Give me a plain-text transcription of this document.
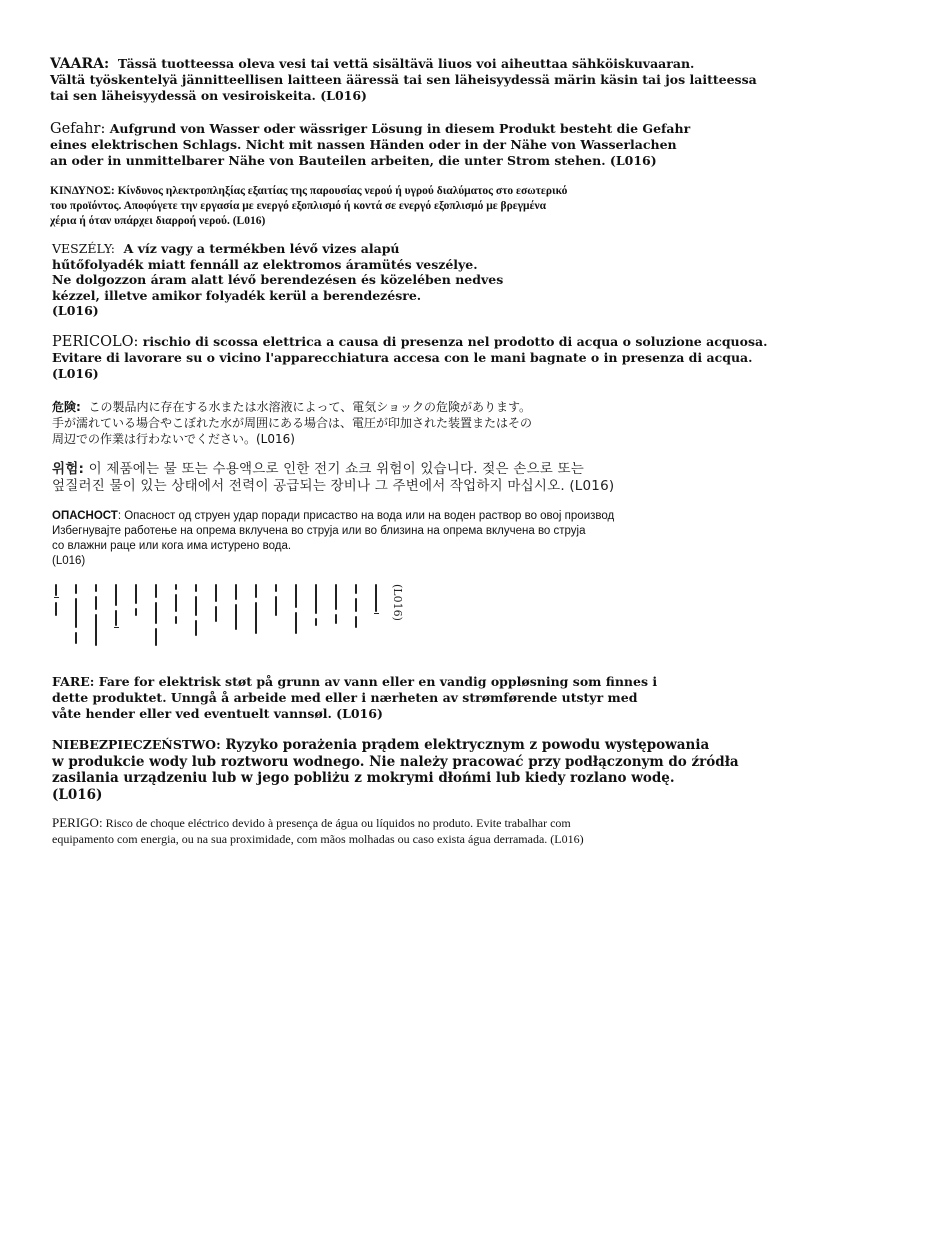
VAARA: Tässä tuotteessa oleva vesi tai vettä sisältävä liuos voi aiheuttaa sähköiskuvaaran.
Vältä työskentelyä jännitteellisen laitteen ääressä tai sen läheisyydessä märin käsin tai jos laitteessa
tai sen läheisyydessä on vesiroiskeita. (L016)
Gefahr: Aufgrund von Wasser oder wässriger Lösung in diesem Produkt besteht die Gefahr
eines elektrischen Schlags. Nicht mit nassen Händen oder in der Nähe von Wasserlachen
an oder in unmittelbarer Nähe von Bauteilen arbeiten, die unter Strom stehen. (L016)
ΚΙΝΔΥΝΟΣ: Κίνδυνος ηλεκτροπληξίας εξαιτίας της παρουσίας νερού ή υγρού διαλύματος στο εσωτερικό
του προϊόντος. Αποφύγετε την εργασία με ενεργό εξοπλισμό ή κοντά σε ενεργό εξοπλισμό με βρεγμένα
χέρια ή όταν υπάρχει διαρροή νερού. (L016)
VESZÉLY: A víz vagy a termékben lévő vizes alapú
hűtőfolyadék miatt fennáll az elektromos áramütés veszélye.
Ne dolgozzon áram alatt lévő berendezésen és közelében nedves
kézzel, illetve amikor folyadék kerül a berendezésre.
(L016)
PERICOLO: rischio di scossa elettrica a causa di presenza nel prodotto di acqua o soluzione acquosa.
Evitare di lavorare su o vicino l'apparecchiatura accesa con le mani bagnate o in presenza di acqua.
(L016)
危険: この製品内に存在する水または水溶液によって、電気ショックの危険があります。
手が濡れている場合やこぼれた水が周囲にある場合は、電圧が印加された装置またはその
周辺での作業は行わないでください。(L016)
위험: 이 제품에는 물 또는 수용액으로 인한 전기 쇼크 위험이 있습니다. 젖은 손으로 또는
엎질러진 물이 있는 상태에서 전력이 공급되는 장비나 그 주변에서 작업하지 마십시오. (L016)
ОПАСНОСТ: Опасност од струен удар поради присаство на вода или на воден раствор во овој производ
Избегнувајте работење на опрема вклучена во струја или во близина на опрема вклучена во струја
со влажни раце или кога има истурено вода.
(L016)
(L016)
FARE: Fare for elektrisk støt på grunn av vann eller en vandig oppløsning som finnes i
dette produktet. Unngå å arbeide med eller i nærheten av strømførende utstyr med
våte hender eller ved eventuelt vannsøl. (L016)
NIEBEZPIECZEŃSTWO: Ryzyko porażenia prądem elektrycznym z powodu występowania
w produkcie wody lub roztworu wodnego. Nie należy pracować przy podłączonym do źródła
zasilania urządzeniu lub w jego pobliżu z mokrymi dłońmi lub kiedy rozlano wodę.
(L016)
PERIGO: Risco de choque eléctrico devido à presença de água ou líquidos no produto. Evite trabalhar com
equipamento com energia, ou na sua proximidade, com mãos molhadas ou caso exista água derramada. (L016)
